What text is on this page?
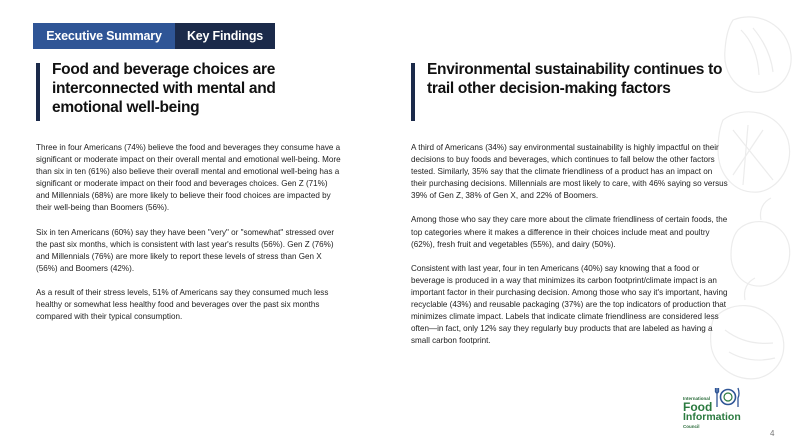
Executive Summary	Key Findings
Food and beverage choices are interconnected with mental and emotional well-being
Environmental sustainability continues to trail other decision-making factors

Three in four Americans (74%) believe the food and beverages they consume have a significant or moderate impact on their overall mental and emotional well-being. More than six in ten (61%) also believe their overall mental and emotional well-being has a significant or moderate impact on their food and beverages choices. Gen Z (71%) and Millennials (68%) are more likely to believe their food choices are impacted by their well-being than Boomers (56%).

Six in ten Americans (60%) say they have been "very" or "somewhat" stressed over the past six months, which is consistent with last year's results (56%). Gen Z (76%) and Millennials (76%) are more likely to report these levels of stress than Gen X (56%) and Boomers (42%).

As a result of their stress levels, 51% of Americans say they consumed much less healthy or somewhat less healthy food and beverages over the past six months compared with their typical consumption.

A third of Americans (34%) say environmental sustainability is highly impactful on their decisions to buy foods and beverages, which continues to fall below the other factors tested. Similarly, 35% say that the climate friendliness of a product has an impact on their purchasing decisions. Millennials are most likely to care, with 46% saying so versus 39% of Gen Z, 38% of Gen X, and 22% of Boomers.

Among those who say they care more about the climate friendliness of certain foods, the top categories where it makes a difference in their choices include meat and poultry (62%), fresh fruit and vegetables (55%), and dairy (50%).

Consistent with last year, four in ten Americans (40%) say knowing that a food or beverage is produced in a way that minimizes its carbon footprint/climate impact is an important factor in their purchasing decision. Among those who say it's important, having recyclable (43%) and reusable packaging (37%) are the top indicators of production that minimizes climate impact. Labels that indicate climate friendliness are considered less often—in fact, only 12% say they regularly buy products that are labeled as having a small carbon footprint.

International
Food
Information
Council
4
